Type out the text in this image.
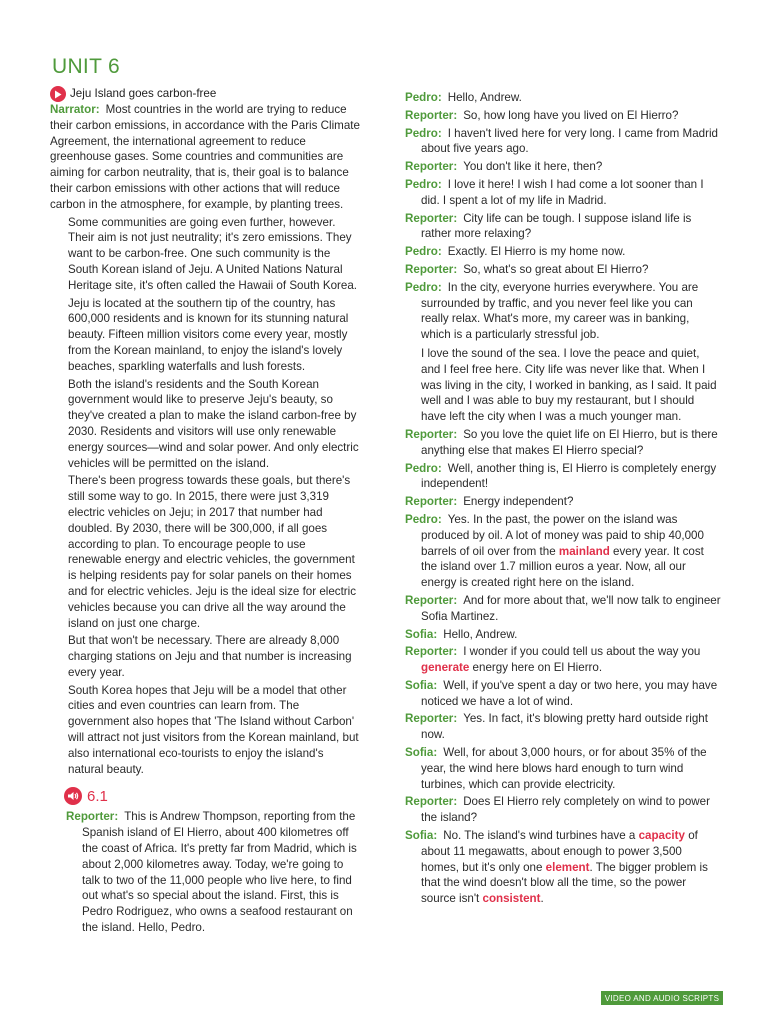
UNIT 6
Jeju Island goes carbon-free

Narrator: Most countries in the world are trying to reduce their carbon emissions, in accordance with the Paris Climate Agreement, the international agreement to reduce greenhouse gases. Some countries and communities are aiming for carbon neutrality, that is, their goal is to balance their carbon emissions with other actions that will reduce carbon in the atmosphere, for example, by planting trees.

Some communities are going even further, however. Their aim is not just neutrality; it's zero emissions. They want to be carbon-free. One such community is the South Korean island of Jeju. A United Nations Natural Heritage site, it's often called the Hawaii of South Korea.

Jeju is located at the southern tip of the country, has 600,000 residents and is known for its stunning natural beauty. Fifteen million visitors come every year, mostly from the Korean mainland, to enjoy the island's lovely beaches, sparkling waterfalls and lush forests.

Both the island's residents and the South Korean government would like to preserve Jeju's beauty, so they've created a plan to make the island carbon-free by 2030. Residents and visitors will use only renewable energy sources—wind and solar power. And only electric vehicles will be permitted on the island.

There's been progress towards these goals, but there's still some way to go. In 2015, there were just 3,319 electric vehicles on Jeju; in 2017 that number had doubled. By 2030, there will be 300,000, if all goes according to plan. To encourage people to use renewable energy and electric vehicles, the government is helping residents pay for solar panels on their homes and for electric vehicles. Jeju is the ideal size for electric vehicles because you can drive all the way around the island on just one charge.

But that won't be necessary. There are already 8,000 charging stations on Jeju and that number is increasing every year.

South Korea hopes that Jeju will be a model that other cities and even countries can learn from. The government also hopes that 'The Island without Carbon' will attract not just visitors from the Korean mainland, but also international eco-tourists to enjoy the island's natural beauty.

6.1

Reporter: This is Andrew Thompson, reporting from the Spanish island of El Hierro, about 400 kilometres off the coast of Africa. It's pretty far from Madrid, which is about 2,000 kilometres away. Today, we're going to talk to two of the 11,000 people who live here, to find out what's so special about the island. First, this is Pedro Rodriguez, who owns a seafood restaurant on the island. Hello, Pedro.

Pedro: Hello, Andrew.

Reporter: So, how long have you lived on El Hierro?

Pedro: I haven't lived here for very long. I came from Madrid about five years ago.

Reporter: You don't like it here, then?

Pedro: I love it here! I wish I had come a lot sooner than I did. I spent a lot of my life in Madrid.

Reporter: City life can be tough. I suppose island life is rather more relaxing?

Pedro: Exactly. El Hierro is my home now.

Reporter: So, what's so great about El Hierro?

Pedro: In the city, everyone hurries everywhere. You are surrounded by traffic, and you never feel like you can really relax. What's more, my career was in banking, which is a particularly stressful job.

I love the sound of the sea. I love the peace and quiet, and I feel free here. City life was never like that. When I was living in the city, I worked in banking, as I said. It paid well and I was able to buy my restaurant, but I should have left the city when I was a much younger man.

Reporter: So you love the quiet life on El Hierro, but is there anything else that makes El Hierro special?

Pedro: Well, another thing is, El Hierro is completely energy independent!

Reporter: Energy independent?

Pedro: Yes. In the past, the power on the island was produced by oil. A lot of money was paid to ship 40,000 barrels of oil over from the mainland every year. It cost the island over 1.7 million euros a year. Now, all our energy is created right here on the island.

Reporter: And for more about that, we'll now talk to engineer Sofia Martinez.

Sofia: Hello, Andrew.

Reporter: I wonder if you could tell us about the way you generate energy here on El Hierro.

Sofia: Well, if you've spent a day or two here, you may have noticed we have a lot of wind.

Reporter: Yes. In fact, it's blowing pretty hard outside right now.

Sofia: Well, for about 3,000 hours, or for about 35% of the year, the wind here blows hard enough to turn wind turbines, which can provide electricity.

Reporter: Does El Hierro rely completely on wind to power the island?

Sofia: No. The island's wind turbines have a capacity of about 11 megawatts, about enough to power 3,500 homes, but it's only one element. The bigger problem is that the wind doesn't blow all the time, so the power source isn't consistent.

VIDEO AND AUDIO SCRIPTS
